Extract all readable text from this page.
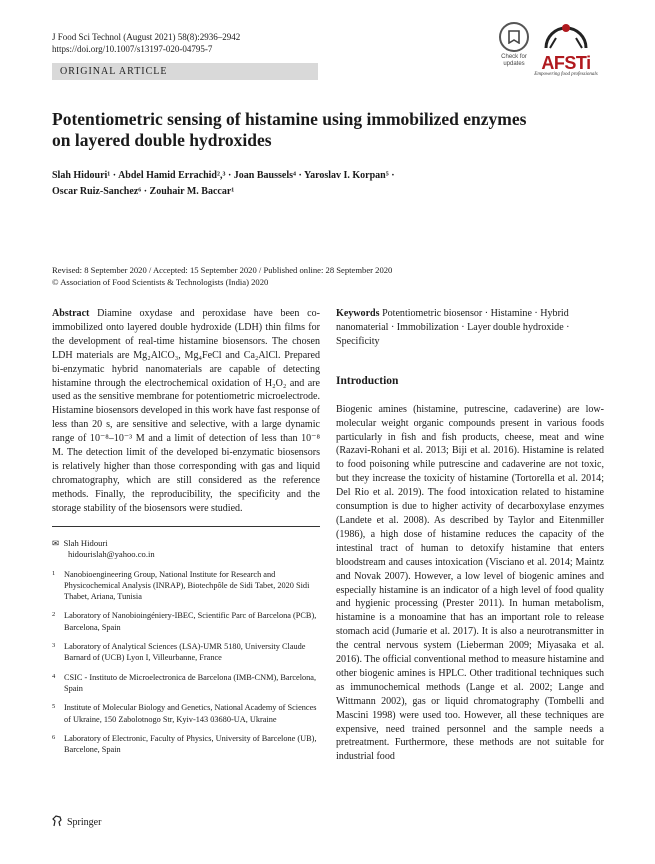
J Food Sci Technol (August 2021) 58(8):2936–2942
https://doi.org/10.1007/s13197-020-04795-7
ORIGINAL ARTICLE
Check for updates AFSTi
Empowering food professionals
Potentiometric sensing of histamine using immobilized enzymes
on layered double hydroxides
Slah Hidouri¹ · Abdel Hamid Errachid²,³ · Joan Baussels⁴ · Yaroslav I. Korpan⁵ ·
Oscar Ruiz-Sanchez⁶ · Zouhair M. Baccar¹
Revised: 8 September 2020 / Accepted: 15 September 2020 / Published online: 28 September 2020
© Association of Food Scientists & Technologists (India) 2020

Abstract Diamine oxydase and peroxidase have been co-immobilized onto layered double hydroxide (LDH) thin films for the development of real-time histamine biosensors. The chosen LDH materials are Mg₂AlCO₃, Mg₄FeCl and Ca₂AlCl. Prepared bi-enzymatic hybrid nanomaterials are capable of detecting histamine through the electrochemical oxidation of H₂O₂ and are used as the sensitive membrane for potentiometric microelectrode. Histamine biosensors developed in this work have fast response of less than 20 s, are sensitive and selective, with a large dynamic range of 10⁻⁸–10⁻³ M and a limit of detection of less than 10⁻⁸ M. The detection limit of the developed bi-enzymatic biosensors is relatively higher than those corresponding with gas and liquid chromatography, which are still considered as the reference methods. Finally, the reproducibility, the specificity and the storage stability of the biosensors were studied.

✉ Slah Hidouri
hidourislah@yahoo.co.in
1 Nanobioengineering Group, National Institute for Research and Physicochemical Analysis (INRAP), Biotechpôle de Sidi Tabet, 2020 Sidi Thabet, Ariana, Tunisia
2 Laboratory of Nanobioingéniery-IBEC, Scientific Parc of Barcelona (PCB), Barcelona, Spain
3 Laboratory of Analytical Sciences (LSA)-UMR 5180, University Claude Barnard of (UCB) Lyon I, Villeurbanne, France
4 CSIC - Instituto de Microelectronica de Barcelona (IMB-CNM), Barcelona, Spain
5 Institute of Molecular Biology and Genetics, National Academy of Sciences of Ukraine, 150 Zabolotnogo Str, Kyiv-143 03680-UA, Ukraine
6 Laboratory of Electronic, Faculty of Physics, University of Barcelone (UB), Barcelone, Spain

Keywords Potentiometric biosensor · Histamine · Hybrid nanomaterial · Immobilization · Layer double hydroxide · Specificity

Introduction

Biogenic amines (histamine, putrescine, cadaverine) are low-molecular weight organic compounds present in various foods particularly in fish and fish products, cheese, meat and wine (Razavi-Rohani et al. 2013; Biji et al. 2016). Histamine is related to food poisoning while putrescine and cadaverine are not toxic, but they increase the toxicity of histamine (Tortorella et al. 2014; Del Rio et al. 2019). The food intoxication related to histamine consumption is due to higher activity of decarboxylase enzymes (Landete et al. 2008). As described by Taylor and Eitenmiller (1986), a high dose of histamine reduces the capacity of the intestinal tract of human to detoxify histamine that enters bloodstream and causes intoxication (Visciano et al. 2014; Maintz and Novak 2007). However, a low level of biogenic amines and especially histamine is an indicator of a high level of food quality and hygienic processing (Prester 2011). In human metabolism, histamine is a monoamine that has an important role to release stomach acid (Jumarie et al. 2017). It is also a neurotransmitter in the central nervous system (Lieberman 2009; Miyasaka et al. 2016). The official conventional method to measure histamine and other biogenic amines is HPLC. Other traditional techniques such as immunochemical methods (Lange et al. 2002; Lange and Wittmann 2002), gas or liquid chromatography (Tombelli and Mascini 1998) were used too. However, all these techniques are expensive, need trained personnel and the sample needs a pretreatment. Furthermore, these methods are not suitable for industrial food

Springer
